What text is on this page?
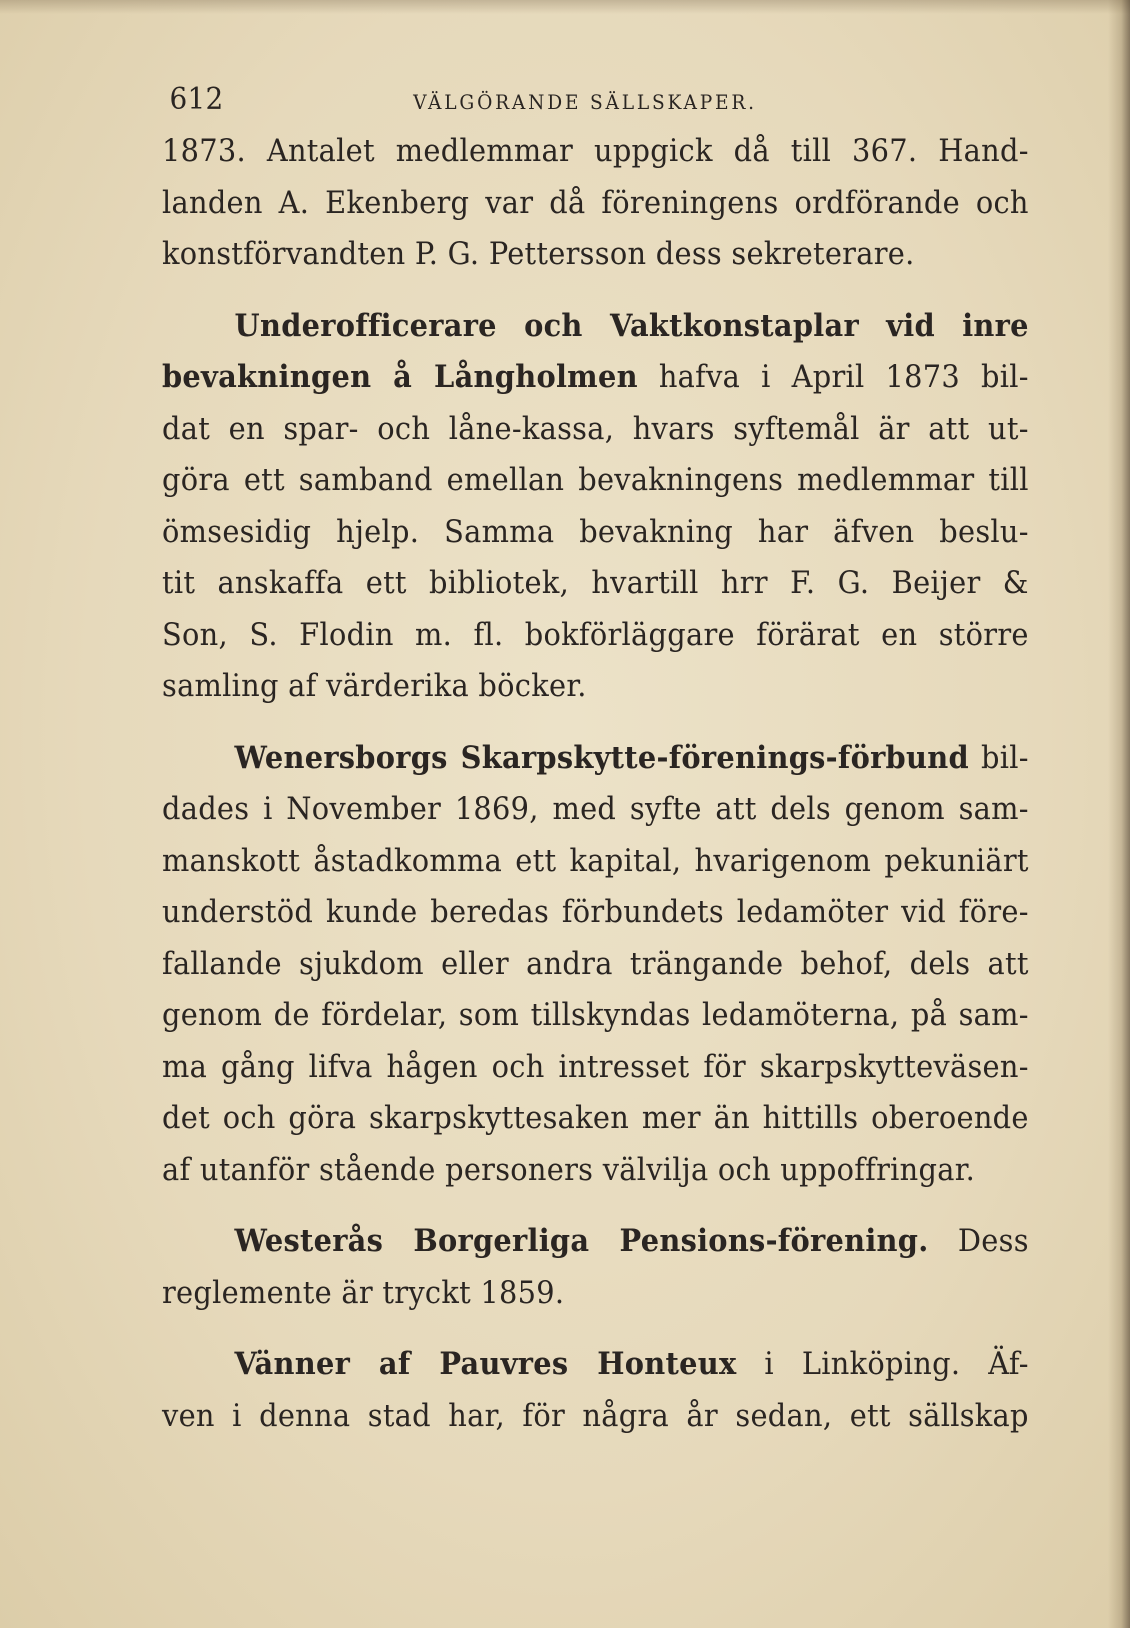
612	VÄLGÖRANDE SÄLLSKAPER.

1873. Antalet medlemmar uppgick då till 367. Hand-
landen A. Ekenberg var då föreningens ordförande och
konstförvandten P. G. Pettersson dess sekreterare.

Underofficerare och Vaktkonstaplar vid inre
bevakningen å Långholmen hafva i April 1873 bil-
dat en spar- och låne-kassa, hvars syftemål är att ut-
göra ett samband emellan bevakningens medlemmar till
ömsesidig hjelp. Samma bevakning har äfven beslu-
tit anskaffa ett bibliotek, hvartill hrr F. G. Beijer &
Son, S. Flodin m. fl. bokförläggare förärat en större
samling af värderika böcker.

Wenersborgs Skarpskytte-förenings-förbund bil-
dades i November 1869, med syfte att dels genom sam-
manskott åstadkomma ett kapital, hvarigenom pekuniärt
understöd kunde beredas förbundets ledamöter vid före-
fallande sjukdom eller andra trängande behof, dels att
genom de fördelar, som tillskyndas ledamöterna, på sam-
ma gång lifva hågen och intresset för skarpskytteväsen-
det och göra skarpskyttesaken mer än hittills oberoende
af utanför stående personers välvilja och uppoffringar.

Westerås Borgerliga Pensions-förening. Dess
reglemente är tryckt 1859.

Vänner af Pauvres Honteux i Linköping. Äf-
ven i denna stad har, för några år sedan, ett sällskap
